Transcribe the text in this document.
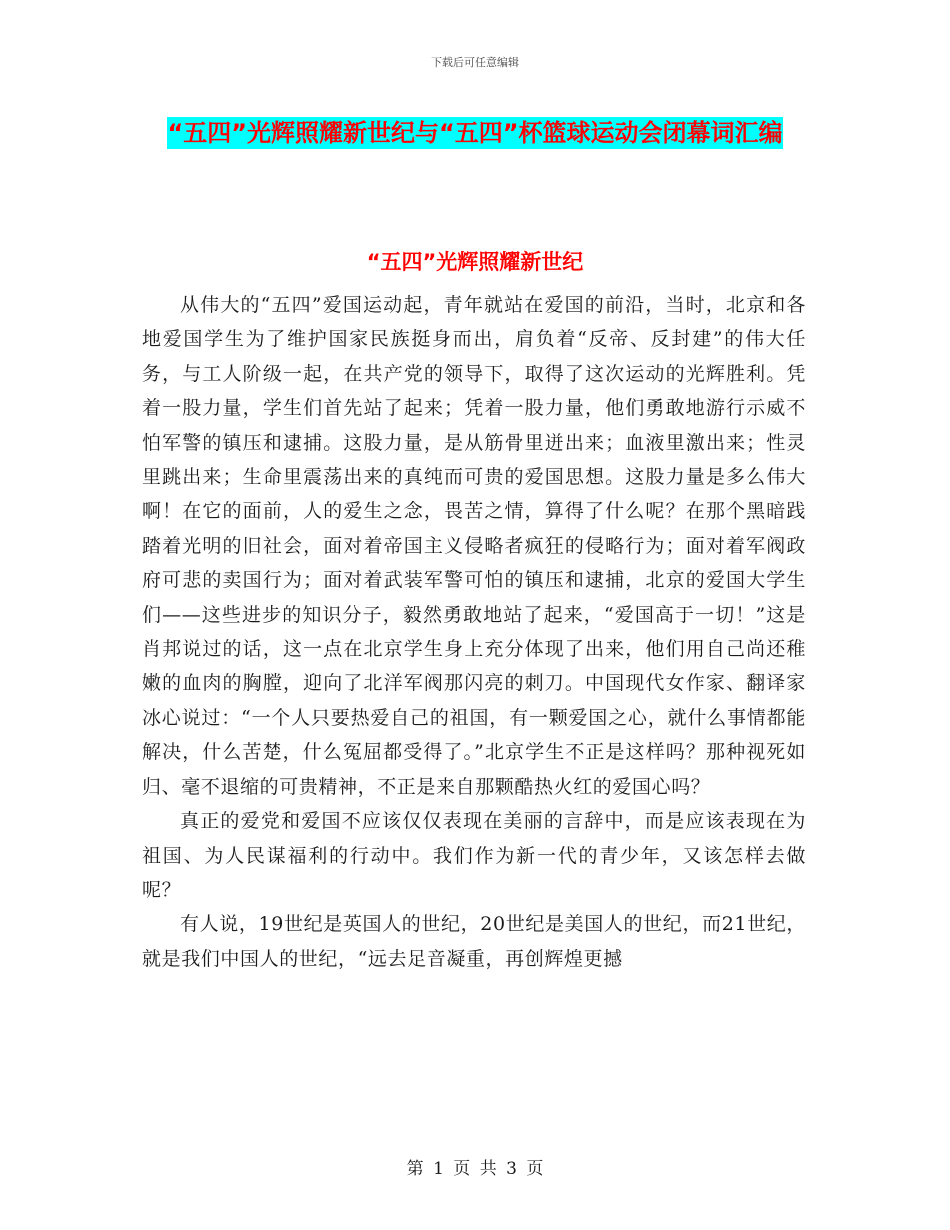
下载后可任意编辑
“五四”光辉照耀新世纪与“五四”杯篮球运动会闭幕词汇编
“五四”光辉照耀新世纪

从伟大的“五四”爱国运动起，青年就站在爱国的前沿，当时，北京和各地爱国学生为了维护国家民族挺身而出，肩负着“反帝、反封建”的伟大任务，与工人阶级一起，在共产党的领导下，取得了这次运动的光辉胜利。凭着一股力量，学生们首先站了起来；凭着一股力量，他们勇敢地游行示威不怕军警的镇压和逮捕。这股力量，是从筋骨里迸出来；血液里激出来；性灵里跳出来；生命里震荡出来的真纯而可贵的爱国思想。这股力量是多么伟大啊！在它的面前，人的爱生之念，畏苦之情，算得了什么呢？在那个黑暗践踏着光明的旧社会，面对着帝国主义侵略者疯狂的侵略行为；面对着军阀政府可悲的卖国行为；面对着武装军警可怕的镇压和逮捕，北京的爱国大学生们——这些进步的知识分子，毅然勇敢地站了起来，“爱国高于一切！”这是肖邦说过的话，这一点在北京学生身上充分体现了出来，他们用自己尚还稚嫩的血肉的胸膛，迎向了北洋军阀那闪亮的刺刀。中国现代女作家、翻译家冰心说过：“一个人只要热爱自己的祖国，有一颗爱国之心，就什么事情都能解决，什么苦楚，什么冤屈都受得了。”北京学生不正是这样吗？那种视死如归、毫不退缩的可贵精神，不正是来自那颗酷热火红的爱国心吗？

真正的爱党和爱国不应该仅仅表现在美丽的言辞中，而是应该表现在为祖国、为人民谋福利的行动中。我们作为新一代的青少年，又该怎样去做呢？

有人说，19世纪是英国人的世纪，20世纪是美国人的世纪，而21世纪，就是我们中国人的世纪，“远去足音凝重，再创辉煌更撼

第 1 页 共 3 页
